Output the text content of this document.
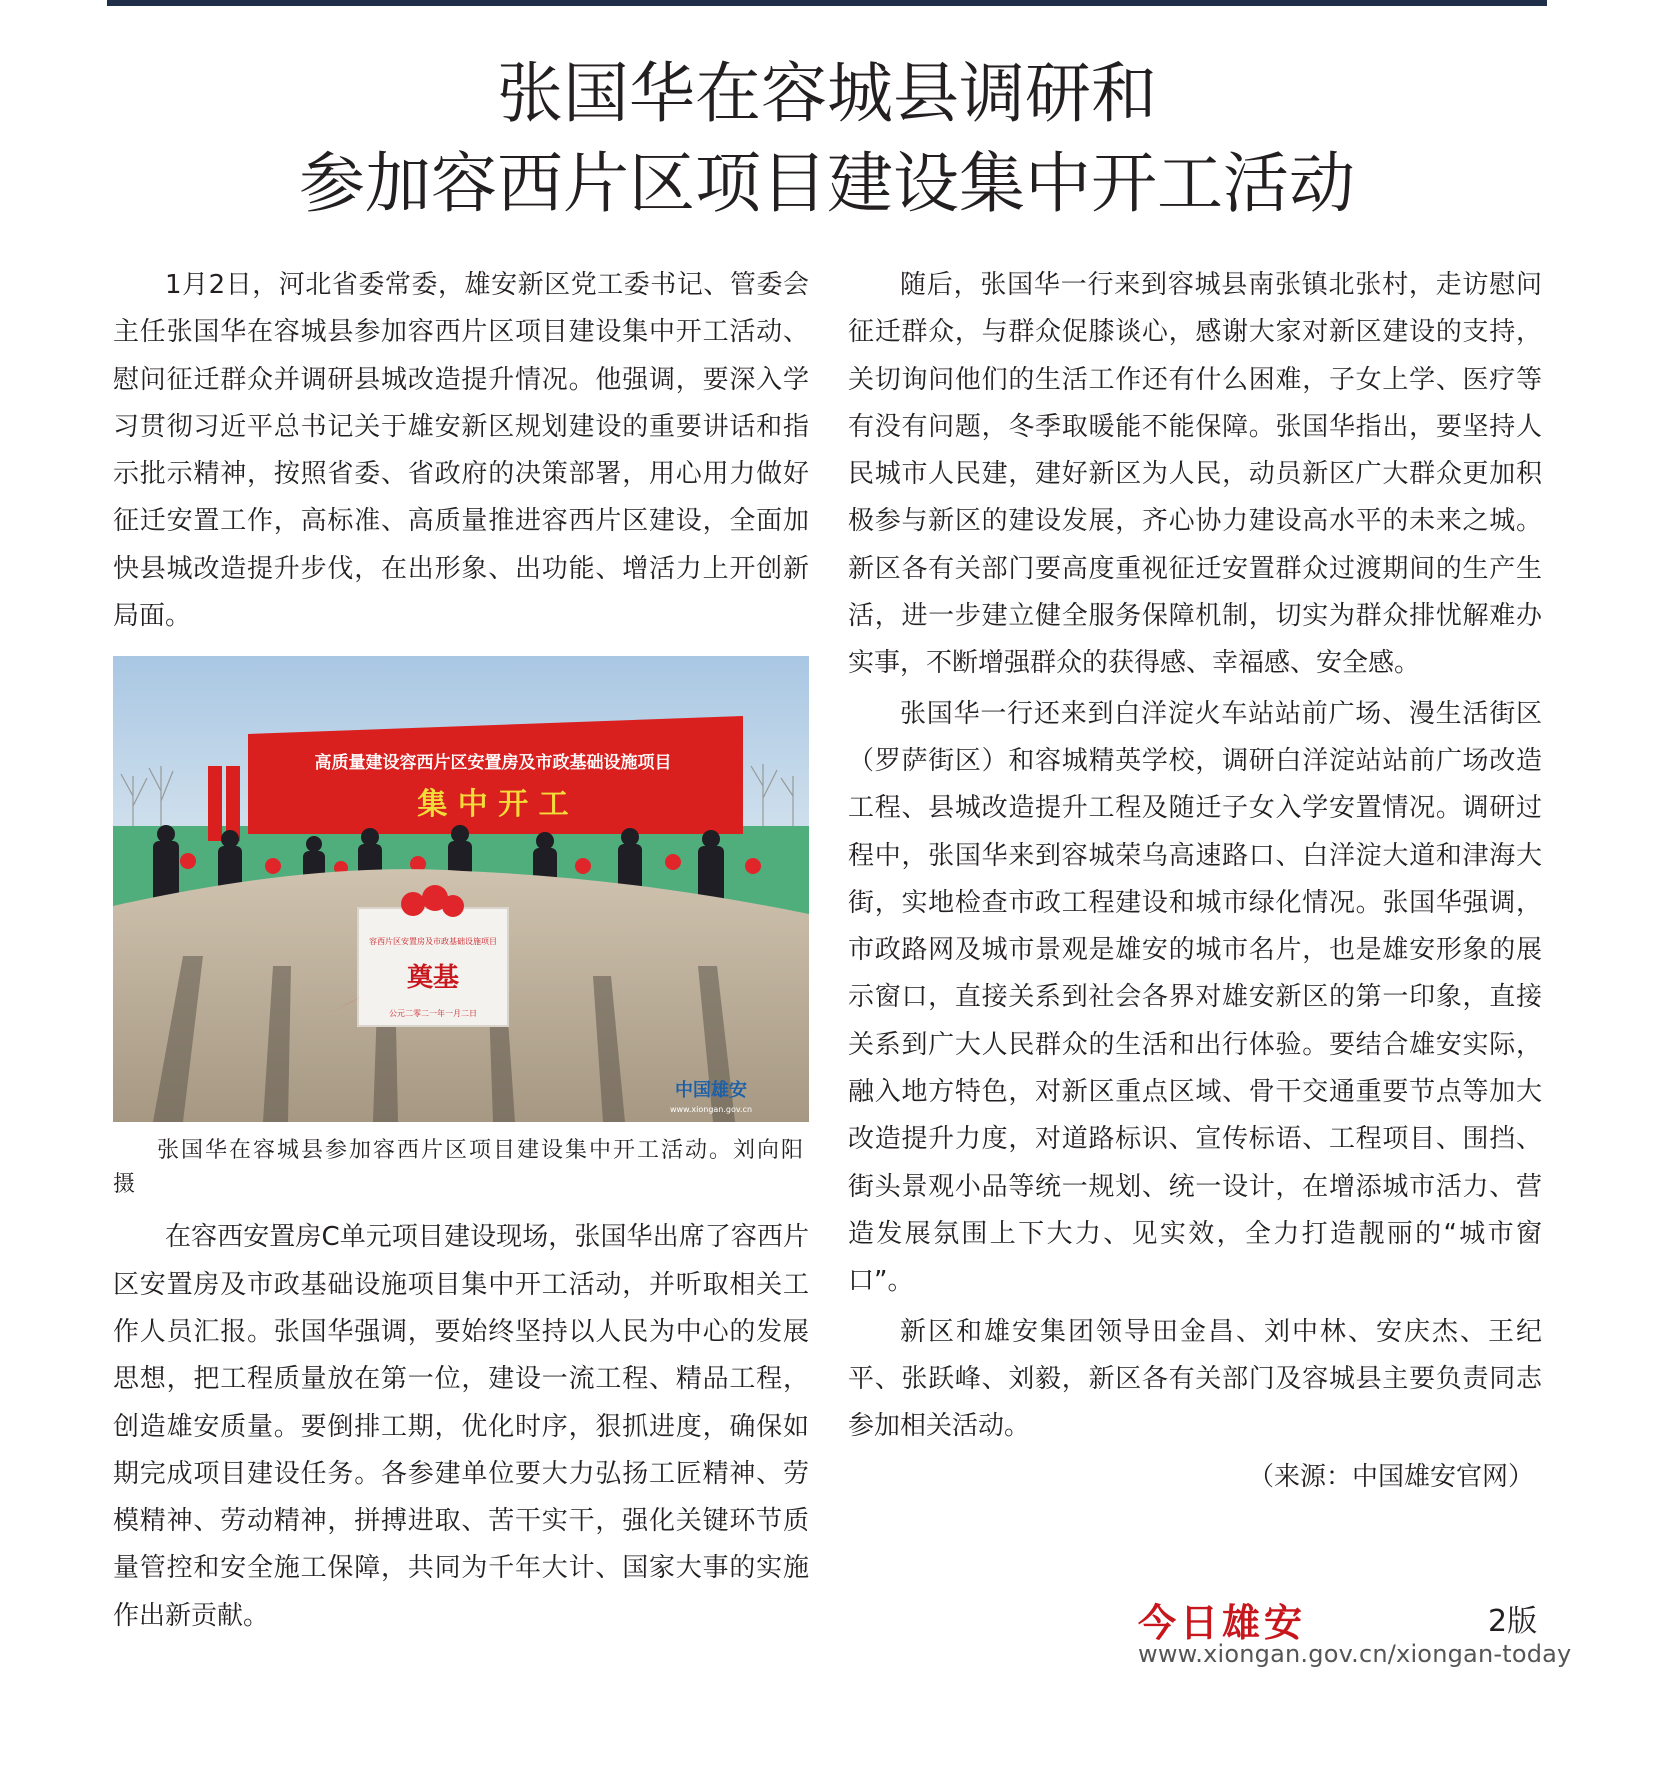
张国华在容城县调研和
参加容西片区项目建设集中开工活动

1月2日，河北省委常委，雄安新区党工委书记、管委会主任张国华在容城县参加容西片区项目建设集中开工活动、慰问征迁群众并调研县城改造提升情况。他强调，要深入学习贯彻习近平总书记关于雄安新区规划建设的重要讲话和指示批示精神，按照省委、省政府的决策部署，用心用力做好征迁安置工作，高标准、高质量推进容西片区建设，全面加快县城改造提升步伐，在出形象、出功能、增活力上开创新局面。

高质量建设容西片区安置房及市政基础设施项目
集 中 开 工
容西片区安置房及市政基础设施项目
奠基
公元二零二一年一月二日
中国雄安
www.xiongan.gov.cn

张国华在容城县参加容西片区项目建设集中开工活动。刘向阳 摄

在容西安置房C单元项目建设现场，张国华出席了容西片区安置房及市政基础设施项目集中开工活动，并听取相关工作人员汇报。张国华强调，要始终坚持以人民为中心的发展思想，把工程质量放在第一位，建设一流工程、精品工程，创造雄安质量。要倒排工期，优化时序，狠抓进度，确保如期完成项目建设任务。各参建单位要大力弘扬工匠精神、劳模精神、劳动精神，拼搏进取、苦干实干，强化关键环节质量管控和安全施工保障，共同为千年大计、国家大事的实施作出新贡献。

随后，张国华一行来到容城县南张镇北张村，走访慰问征迁群众，与群众促膝谈心，感谢大家对新区建设的支持，关切询问他们的生活工作还有什么困难，子女上学、医疗等有没有问题，冬季取暖能不能保障。张国华指出，要坚持人民城市人民建，建好新区为人民，动员新区广大群众更加积极参与新区的建设发展，齐心协力建设高水平的未来之城。新区各有关部门要高度重视征迁安置群众过渡期间的生产生活，进一步建立健全服务保障机制，切实为群众排忧解难办实事，不断增强群众的获得感、幸福感、安全感。

张国华一行还来到白洋淀火车站站前广场、漫生活街区（罗萨街区）和容城精英学校，调研白洋淀站站前广场改造工程、县城改造提升工程及随迁子女入学安置情况。调研过程中，张国华来到容城荣乌高速路口、白洋淀大道和津海大街，实地检查市政工程建设和城市绿化情况。张国华强调，市政路网及城市景观是雄安的城市名片，也是雄安形象的展示窗口，直接关系到社会各界对雄安新区的第一印象，直接关系到广大人民群众的生活和出行体验。要结合雄安实际，融入地方特色，对新区重点区域、骨干交通重要节点等加大改造提升力度，对道路标识、宣传标语、工程项目、围挡、街头景观小品等统一规划、统一设计，在增添城市活力、营造发展氛围上下大力、见实效，全力打造靓丽的“城市窗口”。

新区和雄安集团领导田金昌、刘中林、安庆杰、王纪平、张跃峰、刘毅，新区各有关部门及容城县主要负责同志参加相关活动。

（来源：中国雄安官网）

今日雄安	2版
www.xiongan.gov.cn/xiongan-today
